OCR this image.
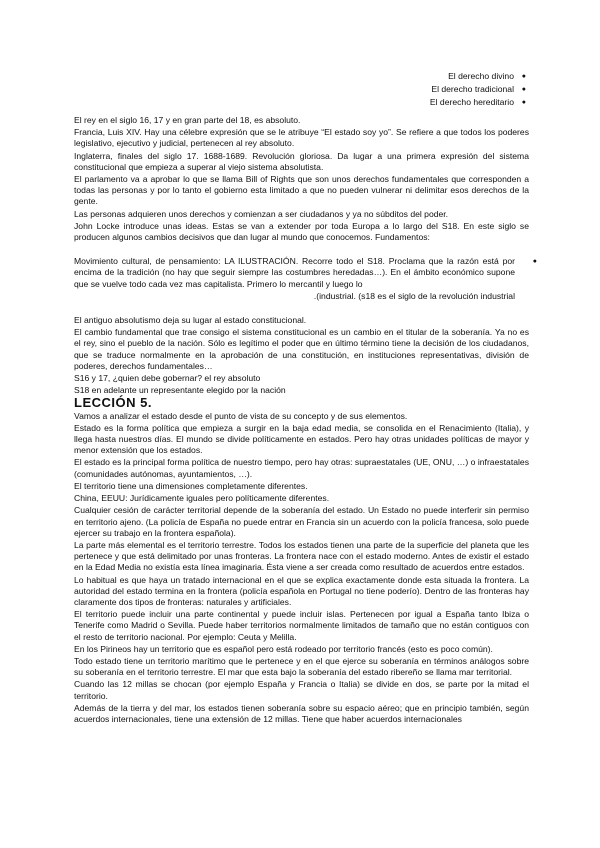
El derecho divino ●
El derecho tradicional ●
El derecho hereditario ●

El rey en el siglo 16, 17 y en gran parte del 18, es absoluto.

Francia, Luis XIV. Hay una célebre expresión que se le atribuye “El estado soy yo”. Se refiere a que todos los poderes legislativo, ejecutivo y judicial, pertenecen al rey absoluto.

Inglaterra, finales del siglo 17. 1688-1689. Revolución gloriosa. Da lugar a una primera expresión del sistema constitucional que empieza a superar al viejo sistema absolutista.

El parlamento va a aprobar lo que se llama Bill of Rights que son unos derechos fundamentales que corresponden a todas las personas y por lo tanto el gobierno esta limitado a que no pueden vulnerar ni delimitar esos derechos de la gente.

Las personas adquieren unos derechos y comienzan a ser ciudadanos y ya no súbditos del poder.

John Locke introduce unas ideas. Estas se van a extender por toda Europa a lo largo del S18. En este siglo se producen algunos cambios decisivos que dan lugar al mundo que conocemos. Fundamentos:

●

Movimiento cultural, de pensamiento: LA ILUSTRACIÓN. Recorre todo el S18. Proclama que la razón está por encima de la tradición (no hay que seguir siempre las costumbres heredadas…). En el ámbito económico supone que se vuelve todo cada vez mas capitalista. Primero lo mercantil y luego lo

.(industrial. (s18 es el siglo de la revolución industrial

El antiguo absolutismo deja su lugar al estado constitucional.

El cambio fundamental que trae consigo el sistema constitucional es un cambio en el titular de la soberanía. Ya no es el rey, sino el pueblo de la nación. Sólo es legítimo el poder que en último término tiene la decisión de los ciudadanos, que se traduce normalmente en la aprobación de una constitución, en instituciones representativas, división de poderes, derechos fundamentales…

S16 y 17, ¿quien debe gobernar? el rey absoluto

S18 en adelante un representante elegido por la nación

LECCIÓN 5.

Vamos a analizar el estado desde el punto de vista de su concepto y de sus elementos.

Estado es la forma política que empieza a surgir en la baja edad media, se consolida en el Renacimiento (Italia), y llega hasta nuestros días. El mundo se divide políticamente en estados. Pero hay otras unidades políticas de mayor y menor extensión que los estados.

El estado es la principal forma política de nuestro tiempo, pero hay otras: supraestatales (UE, ONU, …) o infraestatales (comunidades autónomas, ayuntamientos, …).

El territorio tiene una dimensiones completamente diferentes.

China, EEUU: Jurídicamente iguales pero políticamente diferentes.

Cualquier cesión de carácter territorial depende de la soberanía del estado. Un Estado no puede interferir sin permiso en territorio ajeno. (La policía de España no puede entrar en Francia sin un acuerdo con la policía francesa, solo puede ejercer su trabajo en la frontera española).

La parte más elemental es el territorio terrestre. Todos los estados tienen una parte de la superficie del planeta que les pertenece y que está delimitado por unas fronteras. La frontera nace con el estado moderno. Antes de existir el estado en la Edad Media no existía esta línea imaginaria. Ésta viene a ser creada como resultado de acuerdos entre estados.

Lo habitual es que haya un tratado internacional en el que se explica exactamente donde esta situada la frontera. La autoridad del estado termina en la frontera (policía española en Portugal no tiene poderío). Dentro de las fronteras hay claramente dos tipos de fronteras: naturales y artificiales.

El territorio puede incluir una parte continental y puede incluir islas. Pertenecen por igual a España tanto Ibiza o Tenerife como Madrid o Sevilla. Puede haber territorios normalmente limitados de tamaño que no están contiguos con el resto de territorio nacional. Por ejemplo: Ceuta y Melilla.

En los Pirineos hay un territorio que es español pero está rodeado por territorio francés (esto es poco común).

Todo estado tiene un territorio marítimo que le pertenece y en el que ejerce su soberanía en términos análogos sobre su soberanía en el territorio terrestre. El mar que esta bajo la soberanía del estado ribereño se llama mar territorial.

Cuando las 12 millas se chocan (por ejemplo España y Francia o Italia) se divide en dos, se parte por la mitad el territorio.

Además de la tierra y del mar, los estados tienen soberanía sobre su espacio aéreo; que en principio también, según acuerdos internacionales, tiene una extensión de 12 millas. Tiene que haber acuerdos internacionales
